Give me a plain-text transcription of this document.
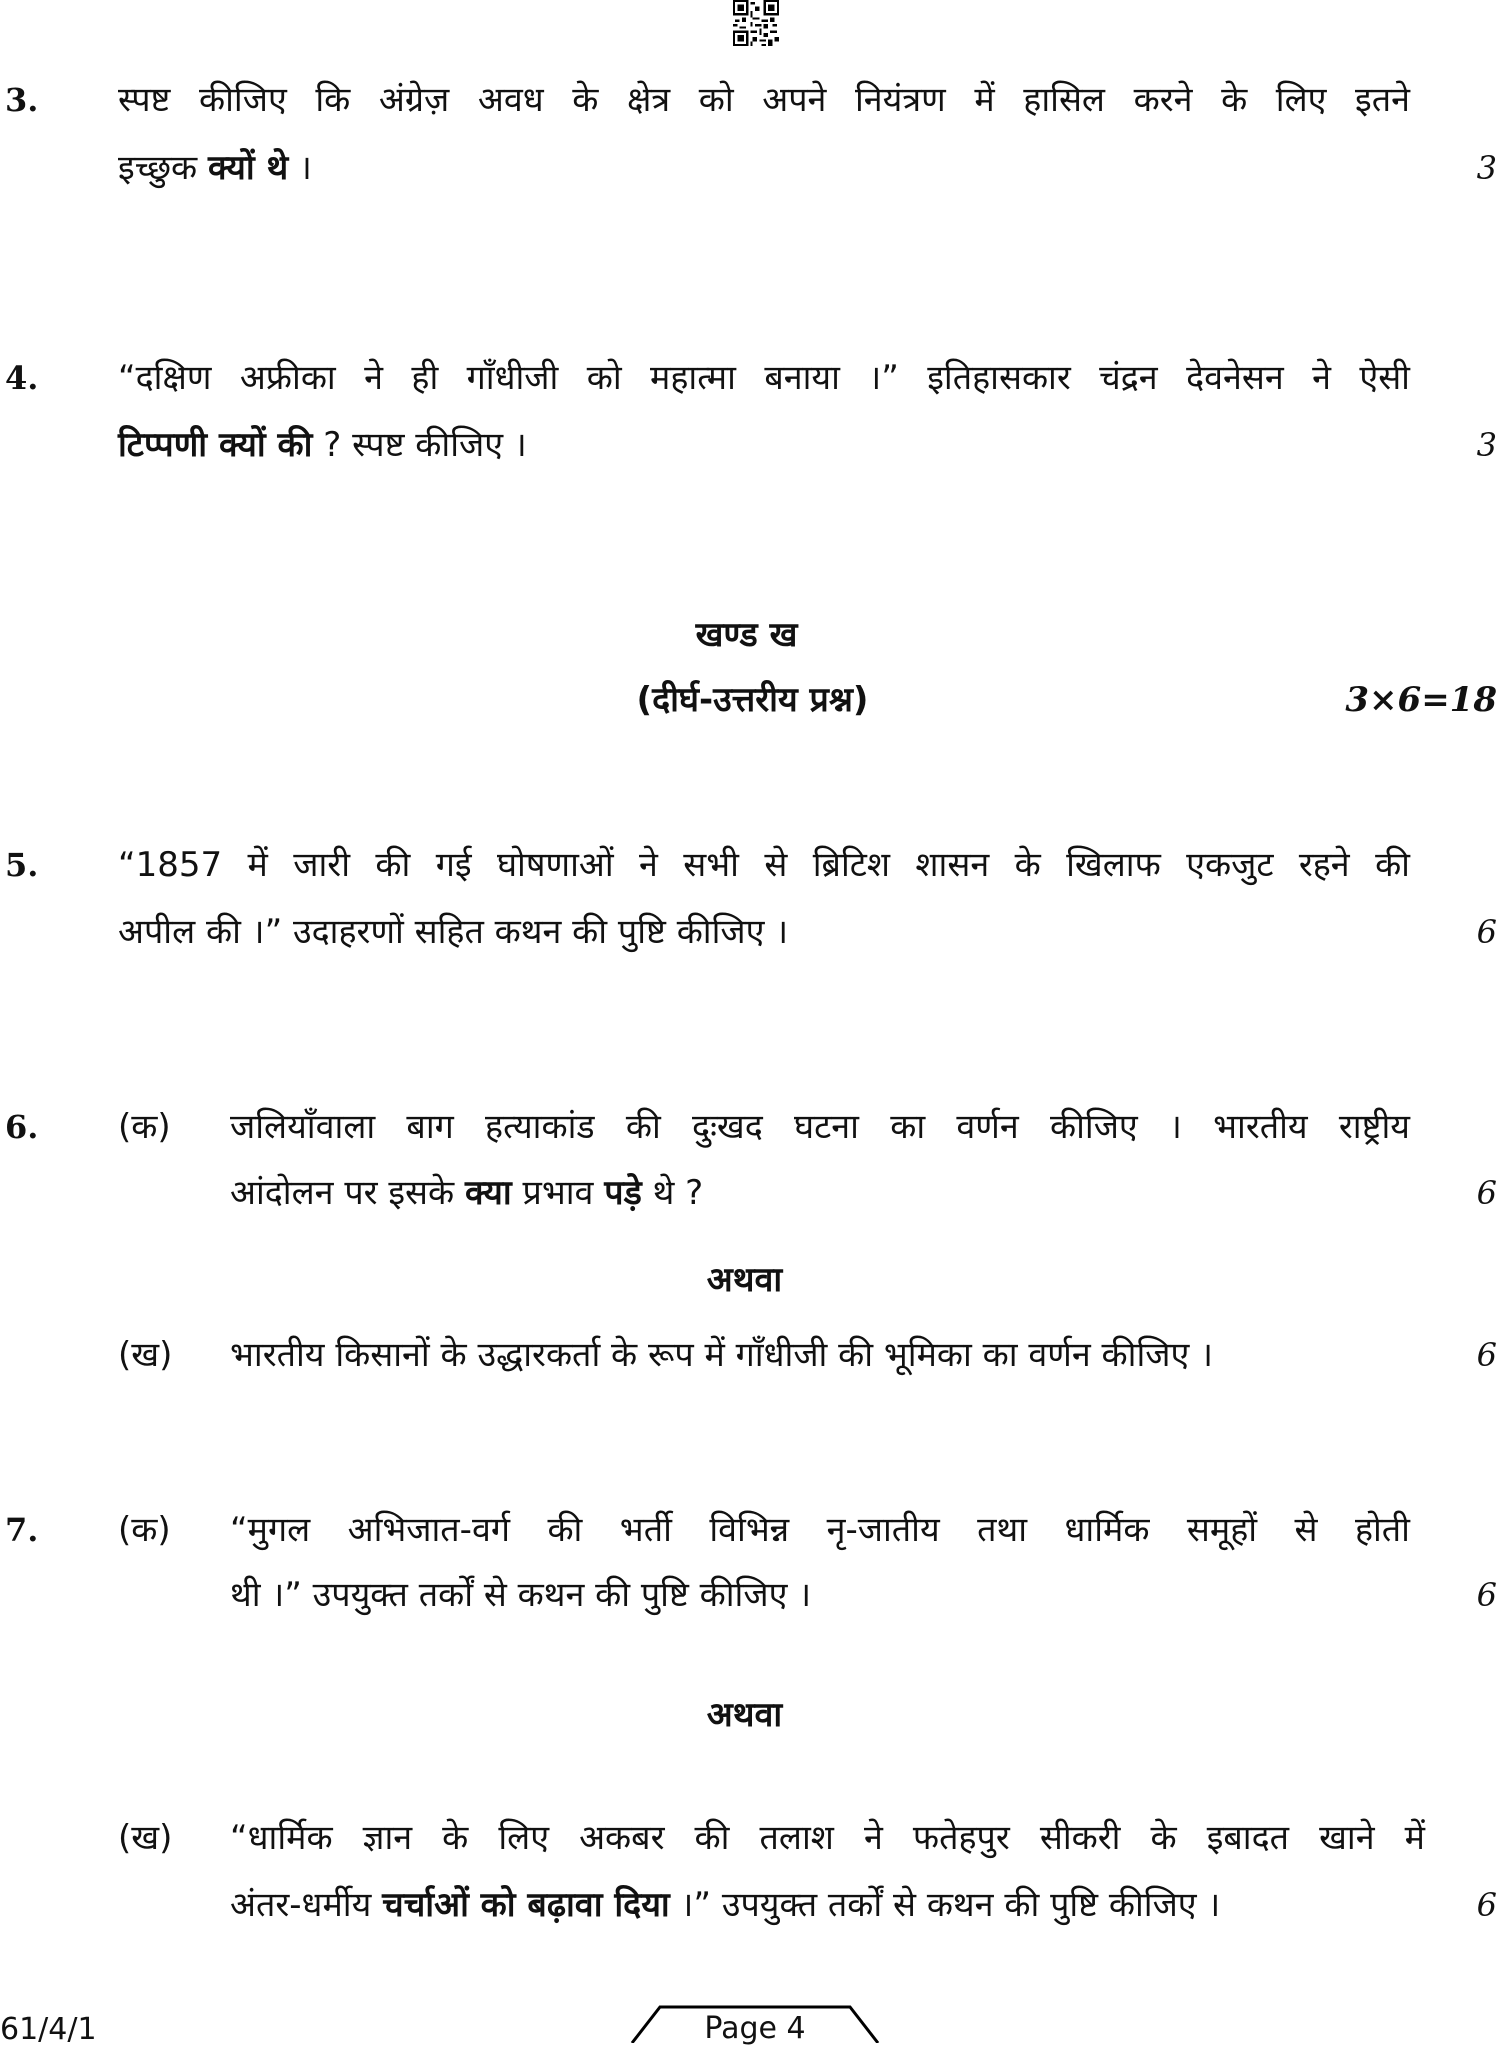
3. स्पष्ट कीजिए कि अंग्रेज़ अवध के क्षेत्र को अपने नियंत्रण में हासिल करने के लिए इतने
इच्छुक क्यों थे ।	3
4. “दक्षिण अफ्रीका ने ही गाँधीजी को महात्मा बनाया ।” इतिहासकार चंद्रन देवनेसन ने ऐसी
टिप्पणी क्यों की ? स्पष्ट कीजिए ।	3
खण्ड ख
(दीर्घ-उत्तरीय प्रश्न)	3×6=18
5. “1857 में जारी की गई घोषणाओं ने सभी से ब्रिटिश शासन के खिलाफ एकजुट रहने की
अपील की ।” उदाहरणों सहित कथन की पुष्टि कीजिए ।	6
6. (क) जलियाँवाला बाग हत्याकांड की दुःखद घटना का वर्णन कीजिए । भारतीय राष्ट्रीय
आंदोलन पर इसके क्या प्रभाव पड़े थे ?	6
अथवा
(ख) भारतीय किसानों के उद्धारकर्ता के रूप में गाँधीजी की भूमिका का वर्णन कीजिए ।	6
7. (क) “मुगल अभिजात-वर्ग की भर्ती विभिन्न नृ-जातीय तथा धार्मिक समूहों से होती
थी ।” उपयुक्त तर्कों से कथन की पुष्टि कीजिए ।	6
अथवा
(ख) “धार्मिक ज्ञान के लिए अकबर की तलाश ने फतेहपुर सीकरी के इबादत खाने में
अंतर-धर्मीय चर्चाओं को बढ़ावा दिया ।” उपयुक्त तर्कों से कथन की पुष्टि कीजिए ।	6
61/4/1	Page 4
